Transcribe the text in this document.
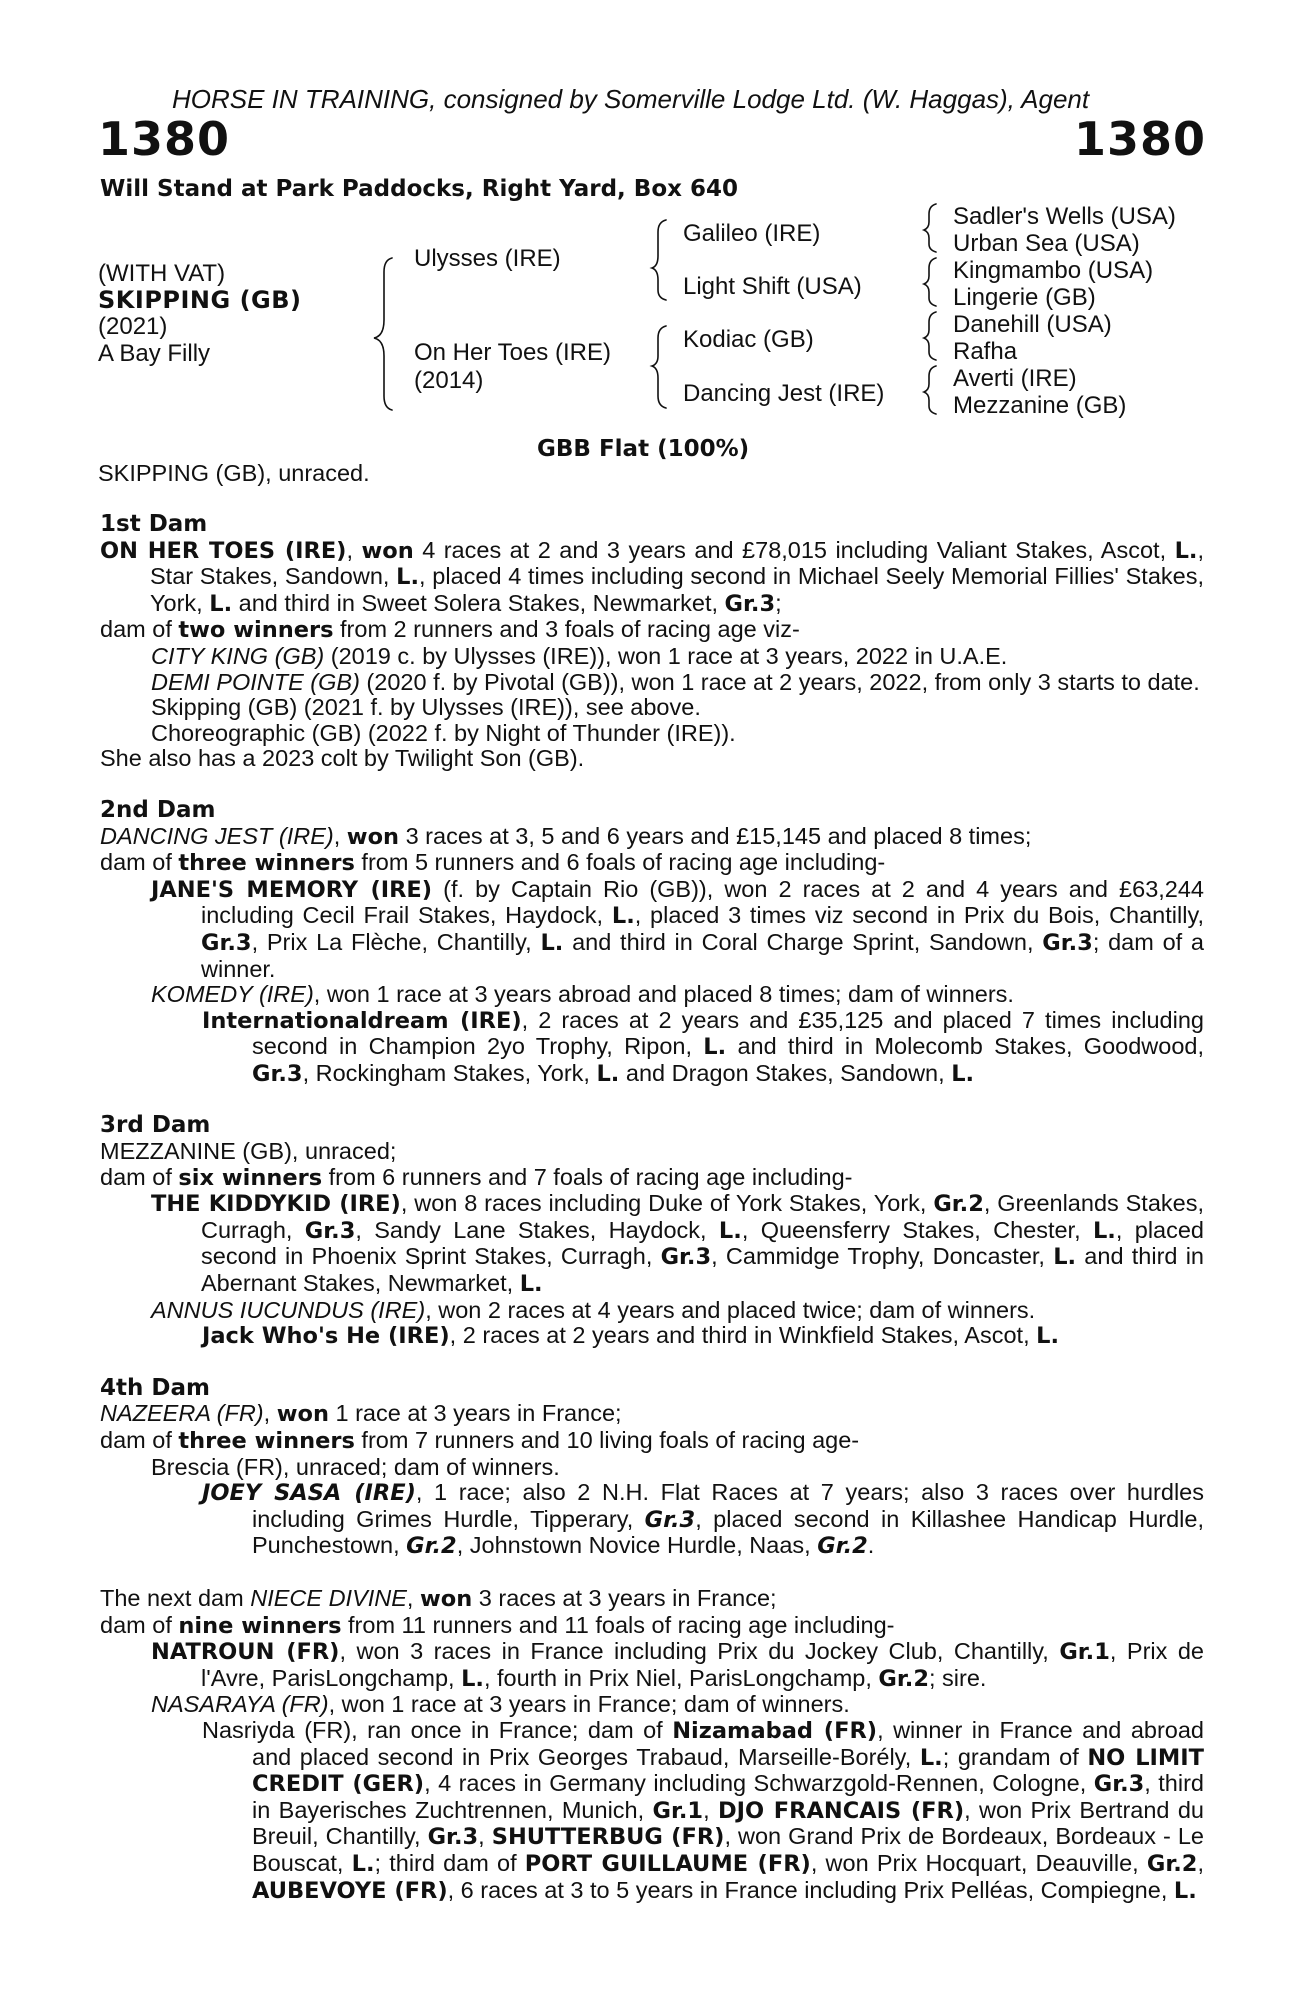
HORSE IN TRAINING, consigned by Somerville Lodge Ltd. (W. Haggas), Agent
1380	1380
Will Stand at Park Paddocks, Right Yard, Box 640
(WITH VAT)
SKIPPING (GB)
(2021)
A Bay Filly
Ulysses (IRE)
On Her Toes (IRE)
(2014)
Galileo (IRE)
Light Shift (USA)
Kodiac (GB)
Dancing Jest (IRE)
Sadler's Wells (USA)
Urban Sea (USA)
Kingmambo (USA)
Lingerie (GB)
Danehill (USA)
Rafha
Averti (IRE)
Mezzanine (GB)
GBB Flat (100%)
SKIPPING (GB), unraced.

1st Dam

ON HER TOES (IRE), won 4 races at 2 and 3 years and £78,015 including Valiant Stakes, Ascot, L., Star Stakes, Sandown, L., placed 4 times including second in Michael Seely Memorial Fillies' Stakes, York, L. and third in Sweet Solera Stakes, Newmarket, Gr.3;

dam of two winners from 2 runners and 3 foals of racing age viz-

CITY KING (GB) (2019 c. by Ulysses (IRE)), won 1 race at 3 years, 2022 in U.A.E.

DEMI POINTE (GB) (2020 f. by Pivotal (GB)), won 1 race at 2 years, 2022, from only 3 starts to date.

Skipping (GB) (2021 f. by Ulysses (IRE)), see above.

Choreographic (GB) (2022 f. by Night of Thunder (IRE)).

She also has a 2023 colt by Twilight Son (GB).

2nd Dam

DANCING JEST (IRE), won 3 races at 3, 5 and 6 years and £15,145 and placed 8 times;

dam of three winners from 5 runners and 6 foals of racing age including-

JANE'S MEMORY (IRE) (f. by Captain Rio (GB)), won 2 races at 2 and 4 years and £63,244 including Cecil Frail Stakes, Haydock, L., placed 3 times viz second in Prix du Bois, Chantilly, Gr.3, Prix La Flèche, Chantilly, L. and third in Coral Charge Sprint, Sandown, Gr.3; dam of a winner.

KOMEDY (IRE), won 1 race at 3 years abroad and placed 8 times; dam of winners.

Internationaldream (IRE), 2 races at 2 years and £35,125 and placed 7 times including second in Champion 2yo Trophy, Ripon, L. and third in Molecomb Stakes, Goodwood, Gr.3, Rockingham Stakes, York, L. and Dragon Stakes, Sandown, L.

3rd Dam

MEZZANINE (GB), unraced;

dam of six winners from 6 runners and 7 foals of racing age including-

THE KIDDYKID (IRE), won 8 races including Duke of York Stakes, York, Gr.2, Greenlands Stakes, Curragh, Gr.3, Sandy Lane Stakes, Haydock, L., Queensferry Stakes, Chester, L., placed second in Phoenix Sprint Stakes, Curragh, Gr.3, Cammidge Trophy, Doncaster, L. and third in Abernant Stakes, Newmarket, L.

ANNUS IUCUNDUS (IRE), won 2 races at 4 years and placed twice; dam of winners.

Jack Who's He (IRE), 2 races at 2 years and third in Winkfield Stakes, Ascot, L.

4th Dam

NAZEERA (FR), won 1 race at 3 years in France;

dam of three winners from 7 runners and 10 living foals of racing age-

Brescia (FR), unraced; dam of winners.

JOEY SASA (IRE), 1 race; also 2 N.H. Flat Races at 7 years; also 3 races over hurdles including Grimes Hurdle, Tipperary, Gr.3, placed second in Killashee Handicap Hurdle, Punchestown, Gr.2, Johnstown Novice Hurdle, Naas, Gr.2.

The next dam NIECE DIVINE, won 3 races at 3 years in France;

dam of nine winners from 11 runners and 11 foals of racing age including-

NATROUN (FR), won 3 races in France including Prix du Jockey Club, Chantilly, Gr.1, Prix de l'Avre, ParisLongchamp, L., fourth in Prix Niel, ParisLongchamp, Gr.2; sire.

NASARAYA (FR), won 1 race at 3 years in France; dam of winners.

Nasriyda (FR), ran once in France; dam of Nizamabad (FR), winner in France and abroad and placed second in Prix Georges Trabaud, Marseille-Borély, L.; grandam of NO LIMIT CREDIT (GER), 4 races in Germany including Schwarzgold-Rennen, Cologne, Gr.3, third in Bayerisches Zuchtrennen, Munich, Gr.1, DJO FRANCAIS (FR), won Prix Bertrand du Breuil, Chantilly, Gr.3, SHUTTERBUG (FR), won Grand Prix de Bordeaux, Bordeaux - Le Bouscat, L.; third dam of PORT GUILLAUME (FR), won Prix Hocquart, Deauville, Gr.2, AUBEVOYE (FR), 6 races at 3 to 5 years in France including Prix Pelléas, Compiegne, L.
